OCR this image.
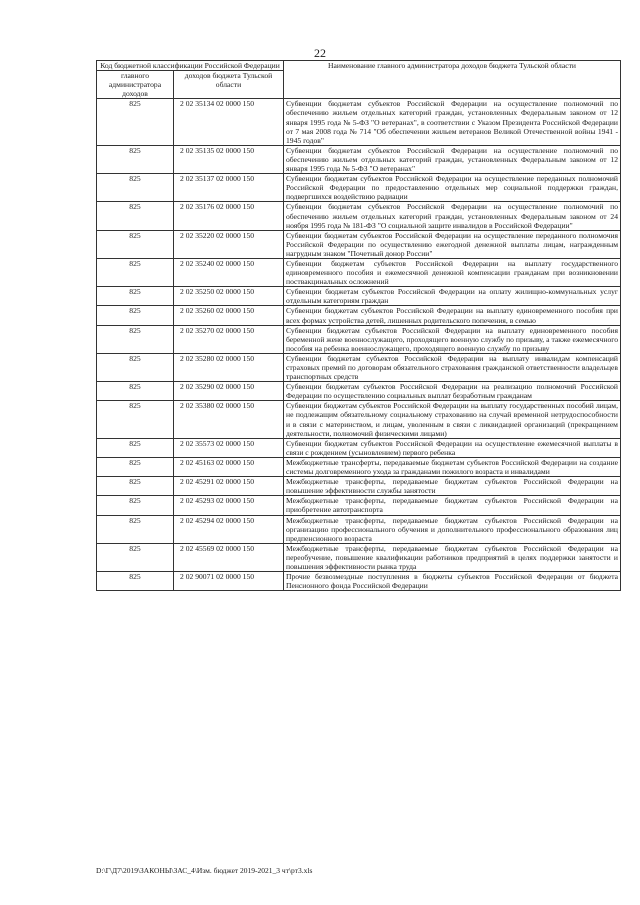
22
Код бюджетной классификации Российской Федерации		Наименование главного администратора доходов бюджета Тульской области
главного администратора доходов	доходов бюджета Тульской области	
825	2 02 35134 02 0000 150	Субвенции бюджетам субъектов Российской Федерации на осуществление полномочий по обеспечению жильем отдельных категорий граждан, установленных Федеральным законом от 12 января 1995 года № 5-ФЗ "О ветеранах", в соответствии с Указом Президента Российской Федерации от 7 мая 2008 года № 714 "Об обеспечении жильем ветеранов Великой Отечественной войны 1941 - 1945 годов"
825	2 02 35135 02 0000 150	Субвенции бюджетам субъектов Российской Федерации на осуществление полномочий по обеспечению жильем отдельных категорий граждан, установленных Федеральным законом от 12 января 1995 года № 5-ФЗ "О ветеранах"
825	2 02 35137 02 0000 150	Субвенции бюджетам субъектов Российской Федерации на осуществление переданных полномочий Российской Федерации по предоставлению отдельных мер социальной поддержки граждан, подвергшихся воздействию радиации
825	2 02 35176 02 0000 150	Субвенции бюджетам субъектов Российской Федерации на осуществление полномочий по обеспечению жильем отдельных категорий граждан, установленных Федеральным законом от 24 ноября 1995 года № 181-ФЗ "О социальной защите инвалидов в Российской Федерации"
825	2 02 35220 02 0000 150	Субвенции бюджетам субъектов Российской Федерации на осуществление переданного полномочия Российской Федерации по осуществлению ежегодной денежной выплаты лицам, награжденным нагрудным знаком "Почетный донор России"
825	2 02 35240 02 0000 150	Субвенции бюджетам субъектов Российской Федерации на выплату государственного единовременного пособия и ежемесячной денежной компенсации гражданам при возникновении поствакцинальных осложнений
825	2 02 35250 02 0000 150	Субвенции бюджетам субъектов Российской Федерации на оплату жилищно-коммунальных услуг отдельным категориям граждан
825	2 02 35260 02 0000 150	Субвенции бюджетам субъектов Российской Федерации на выплату единовременного пособия при всех формах устройства детей, лишенных родительского попечения, в семью
825	2 02 35270 02 0000 150	Субвенции бюджетам субъектов Российской Федерации на выплату единовременного пособия беременной жене военнослужащего, проходящего военную службу по призыву, а также ежемесячного пособия на ребенка военнослужащего, проходящего военную службу по призыву
825	2 02 35280 02 0000 150	Субвенции бюджетам субъектов Российской Федерации на выплату инвалидам компенсаций страховых премий по договорам обязательного страхования гражданской ответственности владельцев транспортных средств
825	2 02 35290 02 0000 150	Субвенции бюджетам субъектов Российской Федерации на реализацию полномочий Российской Федерации по осуществлению социальных выплат безработным гражданам
825	2 02 35380 02 0000 150	Субвенции бюджетам субъектов Российской Федерации на выплату государственных пособий лицам, не подлежащим обязательному социальному страхованию на случай временной нетрудоспособности и в связи с материнством, и лицам, уволенным в связи с ликвидацией организаций (прекращением деятельности, полномочий физическими лицами)
825	2 02 35573 02 0000 150	Субвенции бюджетам субъектов Российской Федерации на осуществление ежемесячной выплаты в связи с рождением (усыновлением) первого ребенка
825	2 02 45163 02 0000 150	Межбюджетные трансферты, передаваемые бюджетам субъектов Российской Федерации на создание системы долговременного ухода за гражданами пожилого возраста и инвалидами
825	2 02 45291 02 0000 150	Межбюджетные трансферты, передаваемые бюджетам субъектов Российской Федерации на повышение эффективности службы занятости
825	2 02 45293 02 0000 150	Межбюджетные трансферты, передаваемые бюджетам субъектов Российской Федерации на приобретение автотранспорта
825	2 02 45294 02 0000 150	Межбюджетные трансферты, передаваемые бюджетам субъектов Российской Федерации на организацию профессионального обучения и дополнительного профессионального образования лиц предпенсионного возраста
825	2 02 45569 02 0000 150	Межбюджетные трансферты, передаваемые бюджетам субъектов Российской Федерации на переобучение, повышение квалификации работников предприятий в целях поддержки занятости и повышения эффективности рынка труда
825	2 02 90071 02 0000 150	Прочие безвозмездные поступления в бюджеты субъектов Российской Федерации от бюджета Пенсионного фонда Российской Федерации
D:\Г\Д7\2019\ЗАКОНЫ\ЗАС_4\Изм. бюджет 2019-2021_3 чт\рт3.xls
